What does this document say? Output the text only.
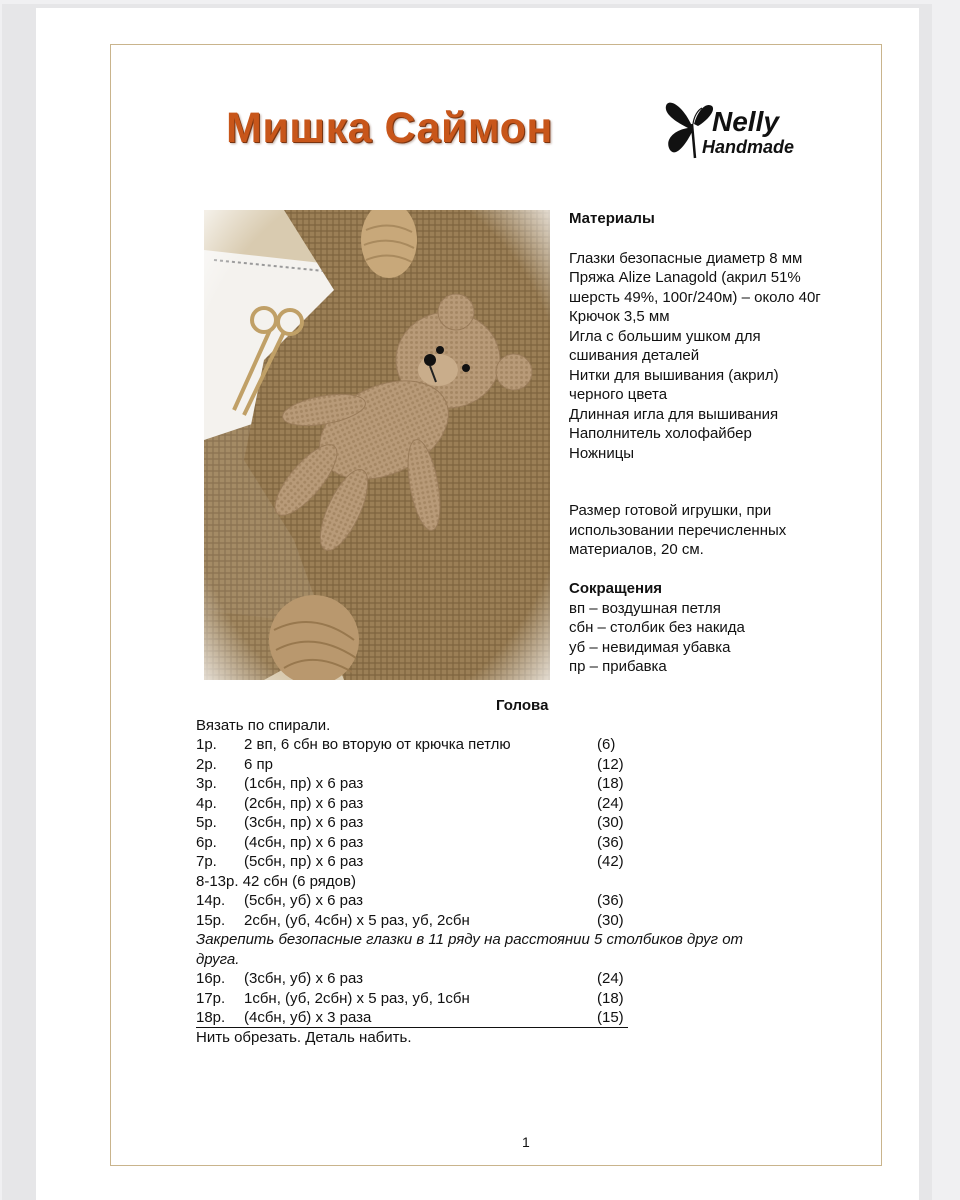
Мишка Саймон	Nelly
Handmade
Материалы
Глазки безопасные диаметр 8 мм
Пряжа Alize Lanagold (акрил 51%
шерсть 49%, 100г/240м) – около 40г
Крючок 3,5 мм
Игла с большим ушком для
сшивания деталей
Нитки для вышивания (акрил)
черного цвета
Длинная игла для вышивания
Наполнитель холофайбер
Ножницы
Размер готовой игрушки, при
использовании перечисленных
материалов, 20 см.
Сокращения
вп – воздушная петля
сбн – столбик без накида
уб – невидимая убавка
пр – прибавка
Голова
Вязать по спирали.
1р. 2 вп, 6 сбн во вторую от крючка петлю	(6)
2р. 6 пр	(12)
3р. (1сбн, пр) х 6 раз	(18)
4р. (2сбн, пр) х 6 раз	(24)
5р. (3сбн, пр) х 6 раз	(30)
6р. (4сбн, пр) х 6 раз	(36)
7р. (5сбн, пр) х 6 раз	(42)
8-13р. 42 сбн (6 рядов)
14р. (5сбн, уб) х 6 раз	(36)
15р. 2сбн, (уб, 4сбн) х 5 раз, уб, 2сбн	(30)
Закрепить безопасные глазки в 11 ряду на расстоянии 5 столбиков друг от
друга.
16р. (3сбн, уб) х 6 раз	(24)
17р. 1сбн, (уб, 2сбн) х 5 раз, уб, 1сбн	(18)
18р. (4сбн, уб) х 3 раза	(15)
Нить обрезать. Деталь набить.
1
